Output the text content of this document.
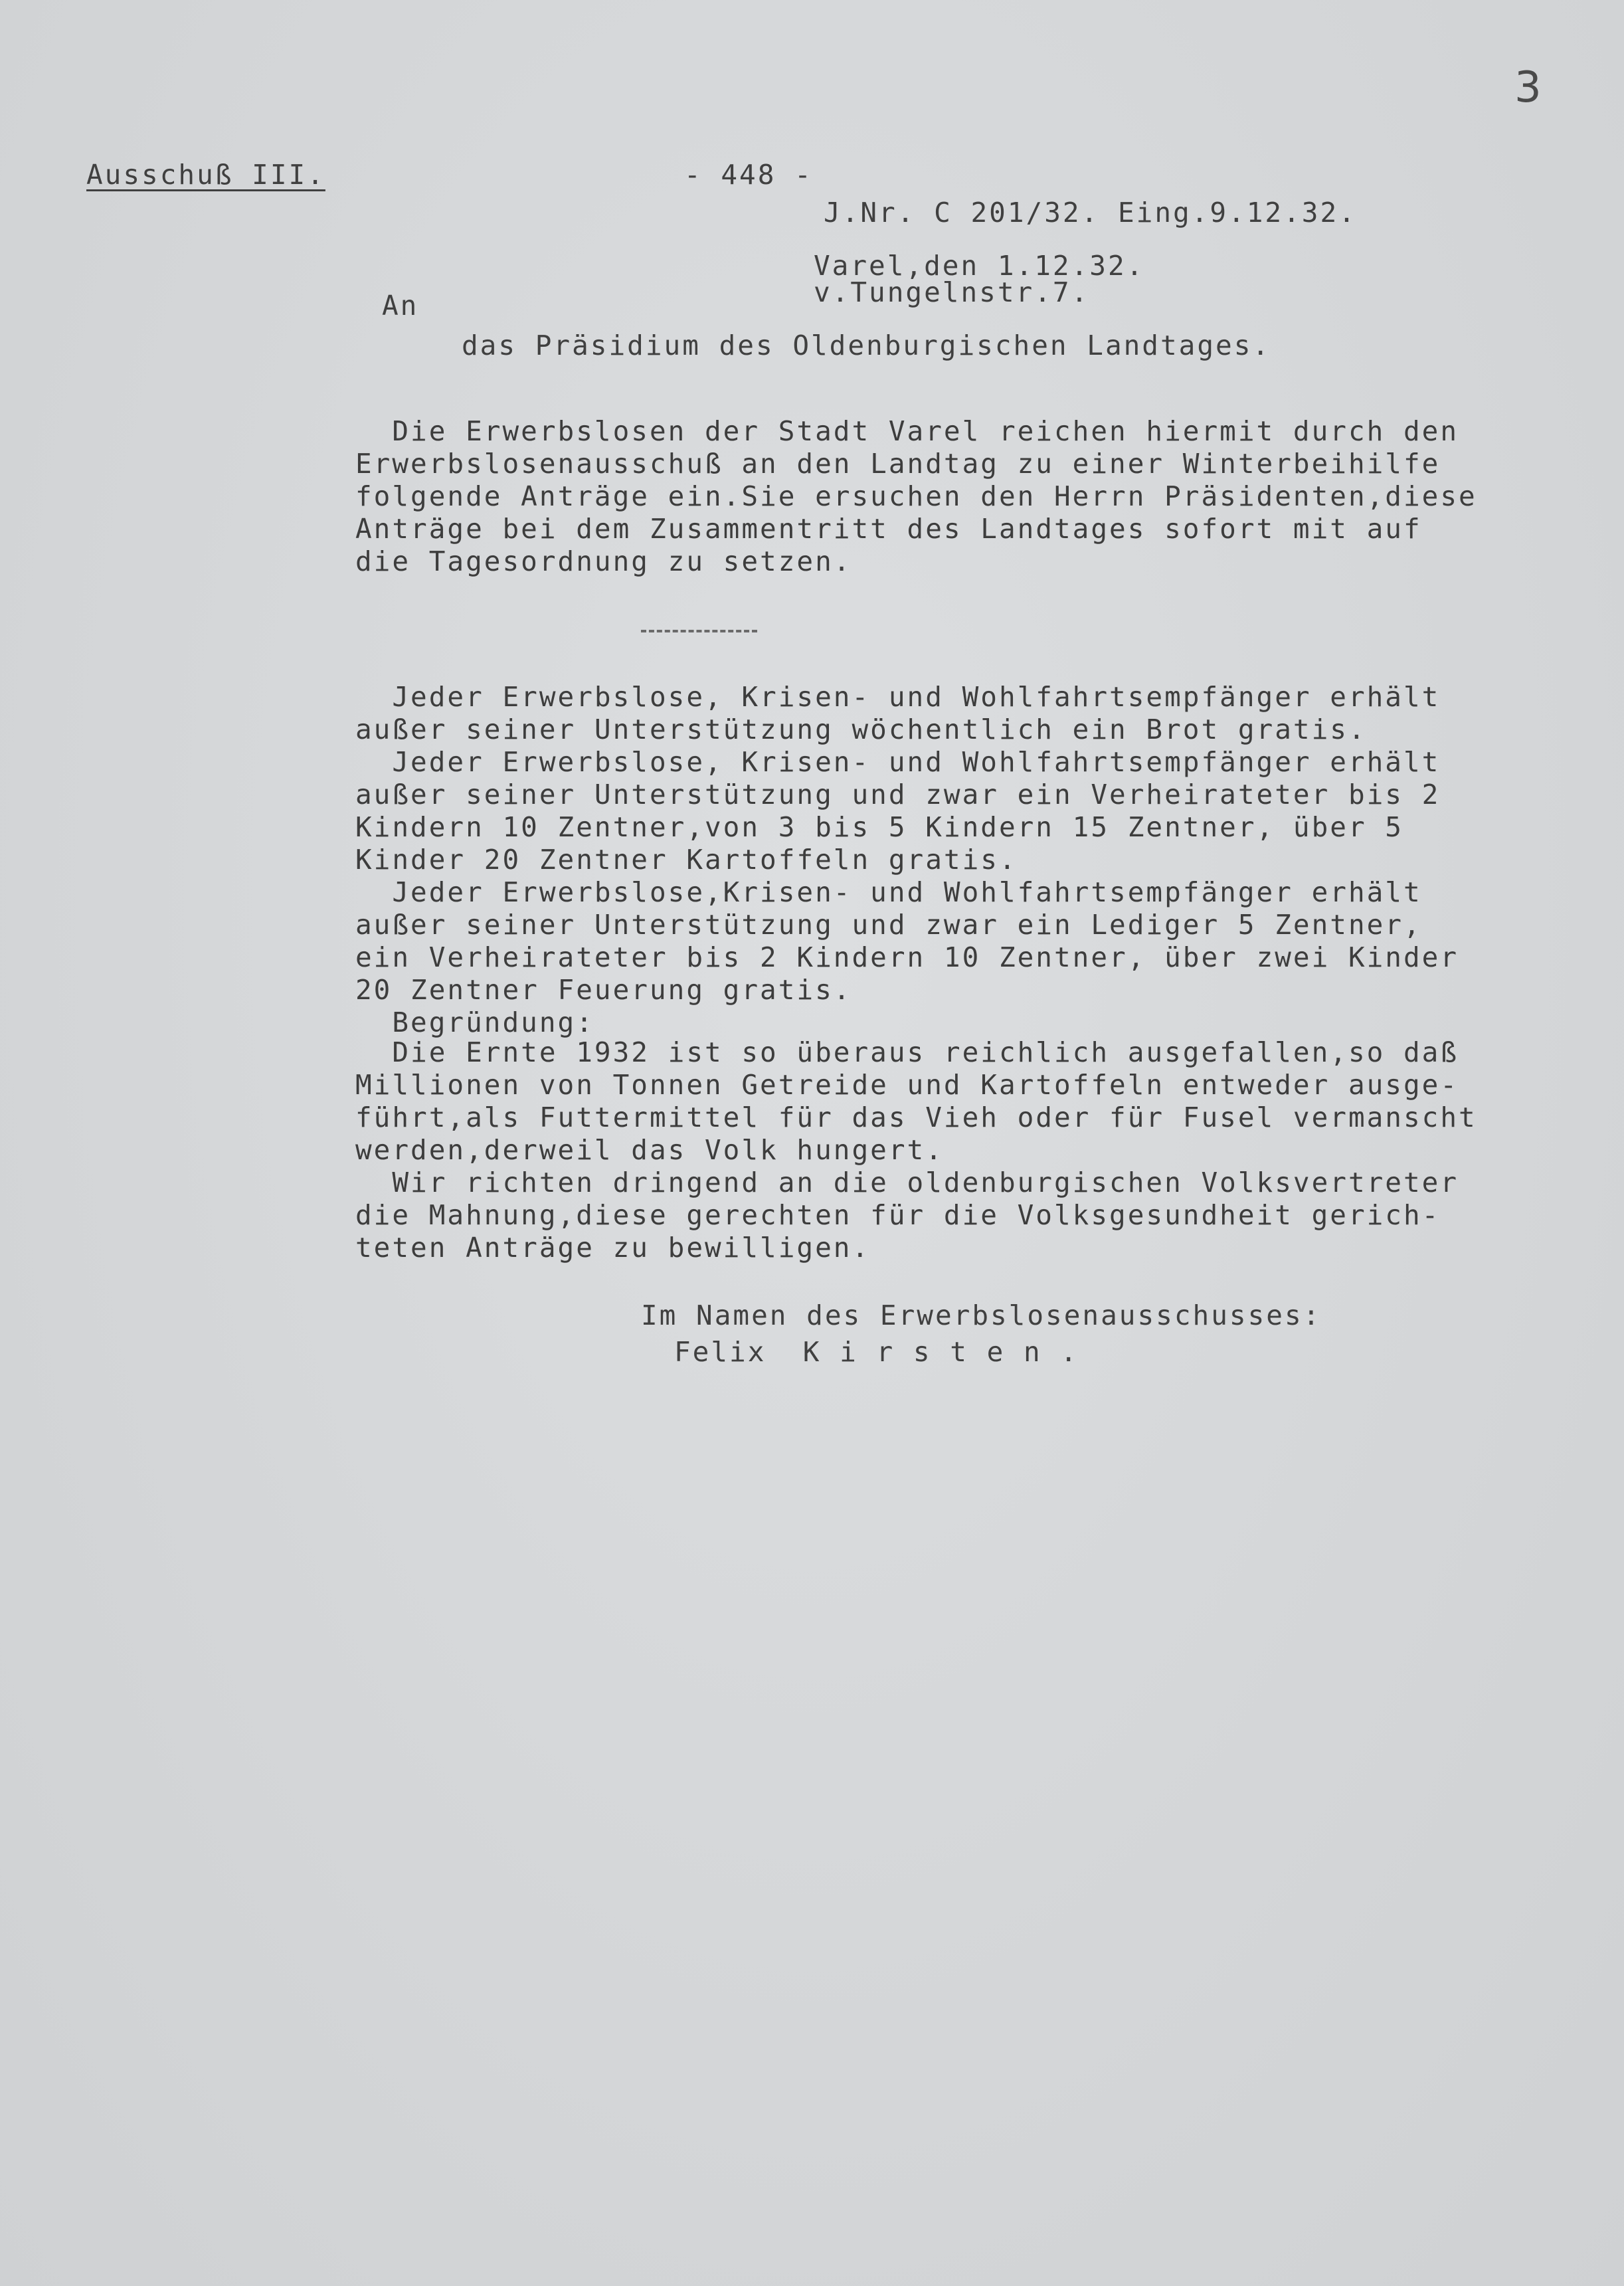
3
Ausschuß III.	- 448 -
J.Nr. C 201/32. Eing.9.12.32.
Varel,den 1.12.32.
v.Tungelnstr.7.
An
das Präsidium des Oldenburgischen Landtages.
Die Erwerbslosen der Stadt Varel reichen hiermit durch den
Erwerbslosenausschuß an den Landtag zu einer Winterbeihilfe
folgende Anträge ein.Sie ersuchen den Herrn Präsidenten,diese
Anträge bei dem Zusammentritt des Landtages sofort mit auf
die Tagesordnung zu setzen.
Jeder Erwerbslose, Krisen- und Wohlfahrtsempfänger erhält
außer seiner Unterstützung wöchentlich ein Brot gratis.
Jeder Erwerbslose, Krisen- und Wohlfahrtsempfänger erhält
außer seiner Unterstützung und zwar ein Verheirateter bis 2
Kindern 10 Zentner,von 3 bis 5 Kindern 15 Zentner, über 5
Kinder 20 Zentner Kartoffeln gratis.
Jeder Erwerbslose,Krisen- und Wohlfahrtsempfänger erhält
außer seiner Unterstützung und zwar ein Lediger 5 Zentner,
ein Verheirateter bis 2 Kindern 10 Zentner, über zwei Kinder
20 Zentner Feuerung gratis.
Begründung:
Die Ernte 1932 ist so überaus reichlich ausgefallen,so daß
Millionen von Tonnen Getreide und Kartoffeln entweder ausge-
führt,als Futtermittel für das Vieh oder für Fusel vermanscht
werden,derweil das Volk hungert.
Wir richten dringend an die oldenburgischen Volksvertreter
die Mahnung,diese gerechten für die Volksgesundheit gerich-
teten Anträge zu bewilligen.
Im Namen des Erwerbslosenausschusses:
Felix  K i r s t e n .
